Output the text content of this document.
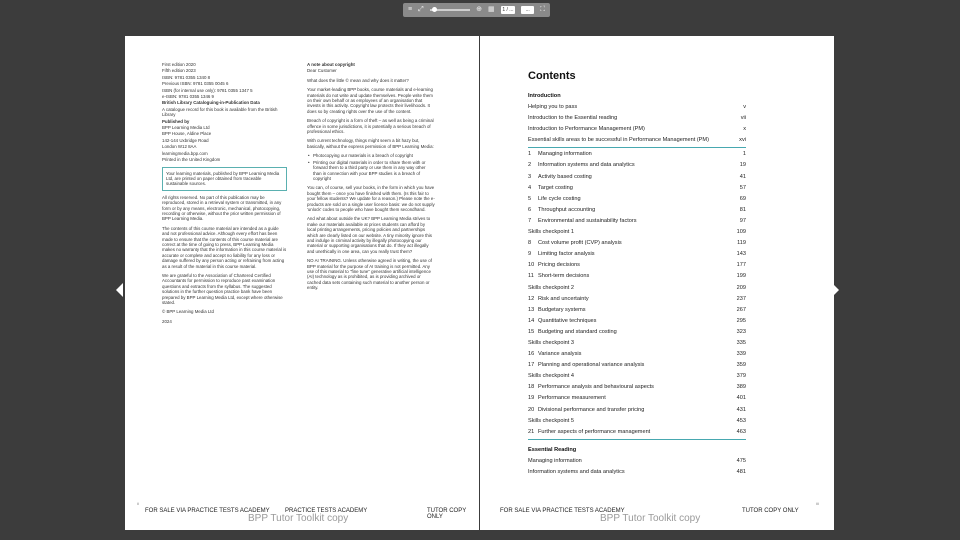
≡ ⤢	⊕ ▦	1 / ...	...	⛶
First edition 2020
Fifth edition 2023
ISBN: 9781 0355 1340 8
Previous ISBN: 9781 0355 0045 6
ISBN (for internal use only): 9781 0355 1347 5
e-ISBN: 9781 0355 1346 9
British Library Cataloguing-in-Publication Data
A catalogue record for this book is available from the British Library
Published by
BPP Learning Media Ltd
BPP House, Aldine Place
142-144 Uxbridge Road
London W12 8AA
learningmedia.bpp.com
Printed in the United Kingdom
Your learning materials, published by BPP Learning Media Ltd, are printed on paper obtained from traceable sustainable sources.
All rights reserved. No part of this publication may be reproduced, stored in a retrieval system or transmitted, in any form or by any means, electronic, mechanical, photocopying, recording or otherwise, without the prior written permission of BPP Learning Media.
The contents of this course material are intended as a guide and not professional advice. Although every effort has been made to ensure that the contents of this course material are correct at the time of going to press, BPP Learning Media makes no warranty that the information in this course material is accurate or complete and accept no liability for any loss or damage suffered by any person acting or refraining from acting as a result of the material in this course material.
We are grateful to the Association of Chartered Certified Accountants for permission to reproduce past examination questions and extracts from the syllabus. The suggested solutions in the further question practice bank have been prepared by BPP Learning Media Ltd, except where otherwise stated.
© BPP Learning Media Ltd
2024
A note about copyright
Dear Customer
What does the little © mean and why does it matter?
Your market-leading BPP books, course materials and e-learning materials do not write and update themselves. People write them on their own behalf or as employees of an organisation that invests in this activity. Copyright law protects their livelihoods. It does so by creating rights over the use of the content.
Breach of copyright is a form of theft – as well as being a criminal offence in some jurisdictions, it is potentially a serious breach of professional ethics.
With current technology, things might seem a bit hazy but, basically, without the express permission of BPP Learning Media:
• Photocopying our materials is a breach of copyright
• Printing our digital materials in order to share them with or forward them to a third party or use them in any way other than in connection with your BPP studies is a breach of copyright
You can, of course, sell your books, in the form in which you have bought them – once you have finished with them. (Is this fair to your fellow students? We update for a reason.) Please note the e-products are sold on a single user licence basis: we do not supply 'unlock' codes to people who have bought them secondhand.
And what about outside the UK? BPP Learning Media strives to make our materials available at prices students can afford by local printing arrangements, pricing policies and partnerships which are clearly listed on our website. A tiny minority ignore this and indulge in criminal activity by illegally photocopying our material or supporting organisations that do. If they act illegally and unethically in one area, can you really trust them?
NO AI TRAINING. Unless otherwise agreed in writing, the use of BPP material for the purpose of AI training is not permitted. Any use of this material to "fine tune" generative artificial intelligence (AI) technology as is prohibited, as is providing archived or cached data sets containing such material to another person or entity.
ii
FOR SALE VIA PRACTICE TESTS ACADEMY	PRACTICE TESTS ACADEMY	TUTOR COPY ONLY
BPP Tutor Toolkit copy
Contents
Introduction
Helping you to pass	v
Introduction to the Essential reading	vii
Introduction to Performance Management (PM)	x
Essential skills areas to be successful in Performance Management (PM)	xvi
1 Managing information	1
2 Information systems and data analytics	19
3 Activity based costing	41
4 Target costing	57
5 Life cycle costing	69
6 Throughput accounting	81
7 Environmental and sustainability factors	97
Skills checkpoint 1	109
8 Cost volume profit (CVP) analysis	119
9 Limiting factor analysis	143
10 Pricing decisions	177
11 Short-term decisions	199
Skills checkpoint 2	209
12 Risk and uncertainty	237
13 Budgetary systems	267
14 Quantitative techniques	295
15 Budgeting and standard costing	323
Skills checkpoint 3	335
16 Variance analysis	339
17 Planning and operational variance analysis	359
Skills checkpoint 4	379
18 Performance analysis and behavioural aspects	389
19 Performance measurement	401
20 Divisional performance and transfer pricing	431
Skills checkpoint 5	453
21 Further aspects of performance management	463
Essential Reading
Managing information	475
Information systems and data analytics	481
iii
FOR SALE VIA PRACTICE TESTS ACADEMY	TUTOR COPY ONLY
BPP Tutor Toolkit copy
